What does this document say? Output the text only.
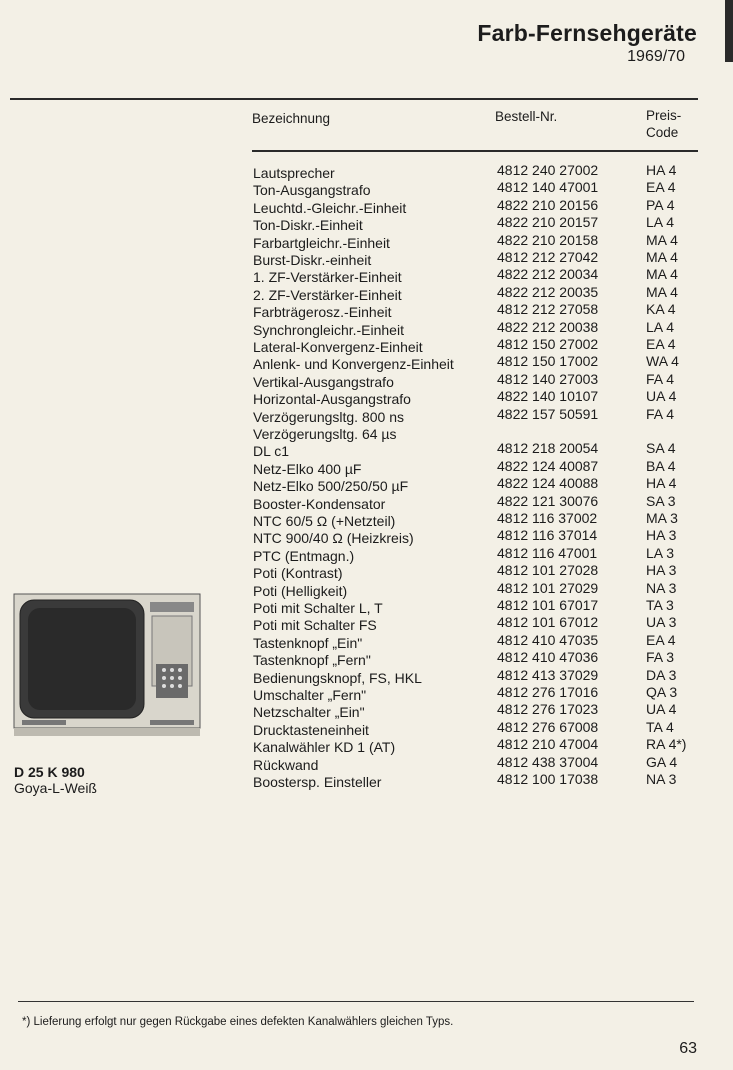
Farb-Fernsehgeräte
1969/70
Bezeichnung	Bestell-Nr.	Preis-
Code
Lautsprecher
Ton-Ausgangstrafo
Leuchtd.-Gleichr.-Einheit
Ton-Diskr.-Einheit
Farbartgleichr.-Einheit
Burst-Diskr.-einheit
1. ZF-Verstärker-Einheit
2. ZF-Verstärker-Einheit
Farbträgerosz.-Einheit
Synchrongleichr.-Einheit
Lateral-Konvergenz-Einheit
Anlenk- und Konvergenz-Einheit
Vertikal-Ausgangstrafo
Horizontal-Ausgangstrafo
Verzögerungsltg. 800 ns
Verzögerungsltg. 64 µs
DL c1
Netz-Elko 400 µF
Netz-Elko 500/250/50 µF
Booster-Kondensator
NTC 60/5 Ω (+Netzteil)
NTC 900/40 Ω (Heizkreis)
PTC (Entmagn.)
Poti (Kontrast)
Poti (Helligkeit)
Poti mit Schalter L, T
Poti mit Schalter FS
Tastenknopf „Ein"
Tastenknopf „Fern"
Bedienungsknopf, FS, HKL
Umschalter „Fern"
Netzschalter „Ein"
Drucktasteneinheit
Kanalwähler KD 1 (AT)
Rückwand
Boostersp. Einsteller
4812 240 27002
4812 140 47001
4822 210 20156
4822 210 20157
4822 210 20158
4812 212 27042
4822 212 20034
4822 212 20035
4812 212 27058
4822 212 20038
4812 150 27002
4812 150 17002
4812 140 27003
4822 140 10107
4822 157 50591
4812 218 20054
4822 124 40087
4822 124 40088
4822 121 30076
4812 116 37002
4812 116 37014
4812 116 47001
4812 101 27028
4812 101 27029
4812 101 67017
4812 101 67012
4812 410 47035
4812 410 47036
4812 413 37029
4812 276 17016
4812 276 17023
4812 276 67008
4812 210 47004
4812 438 37004
4812 100 17038
HA 4
EA 4
PA 4
LA 4
MA 4
MA 4
MA 4
MA 4
KA 4
LA 4
EA 4
WA 4
FA 4
UA 4
FA 4
SA 4
BA 4
HA 4
SA 3
MA 3
HA 3
LA 3
HA 3
NA 3
TA 3
UA 3
EA 4
FA 3
DA 3
QA 3
UA 4
TA 4
RA 4*)
GA 4
NA 3
D 25 K 980
Goya-L-Weiß
*) Lieferung erfolgt nur gegen Rückgabe eines defekten Kanalwählers gleichen Typs.
63
